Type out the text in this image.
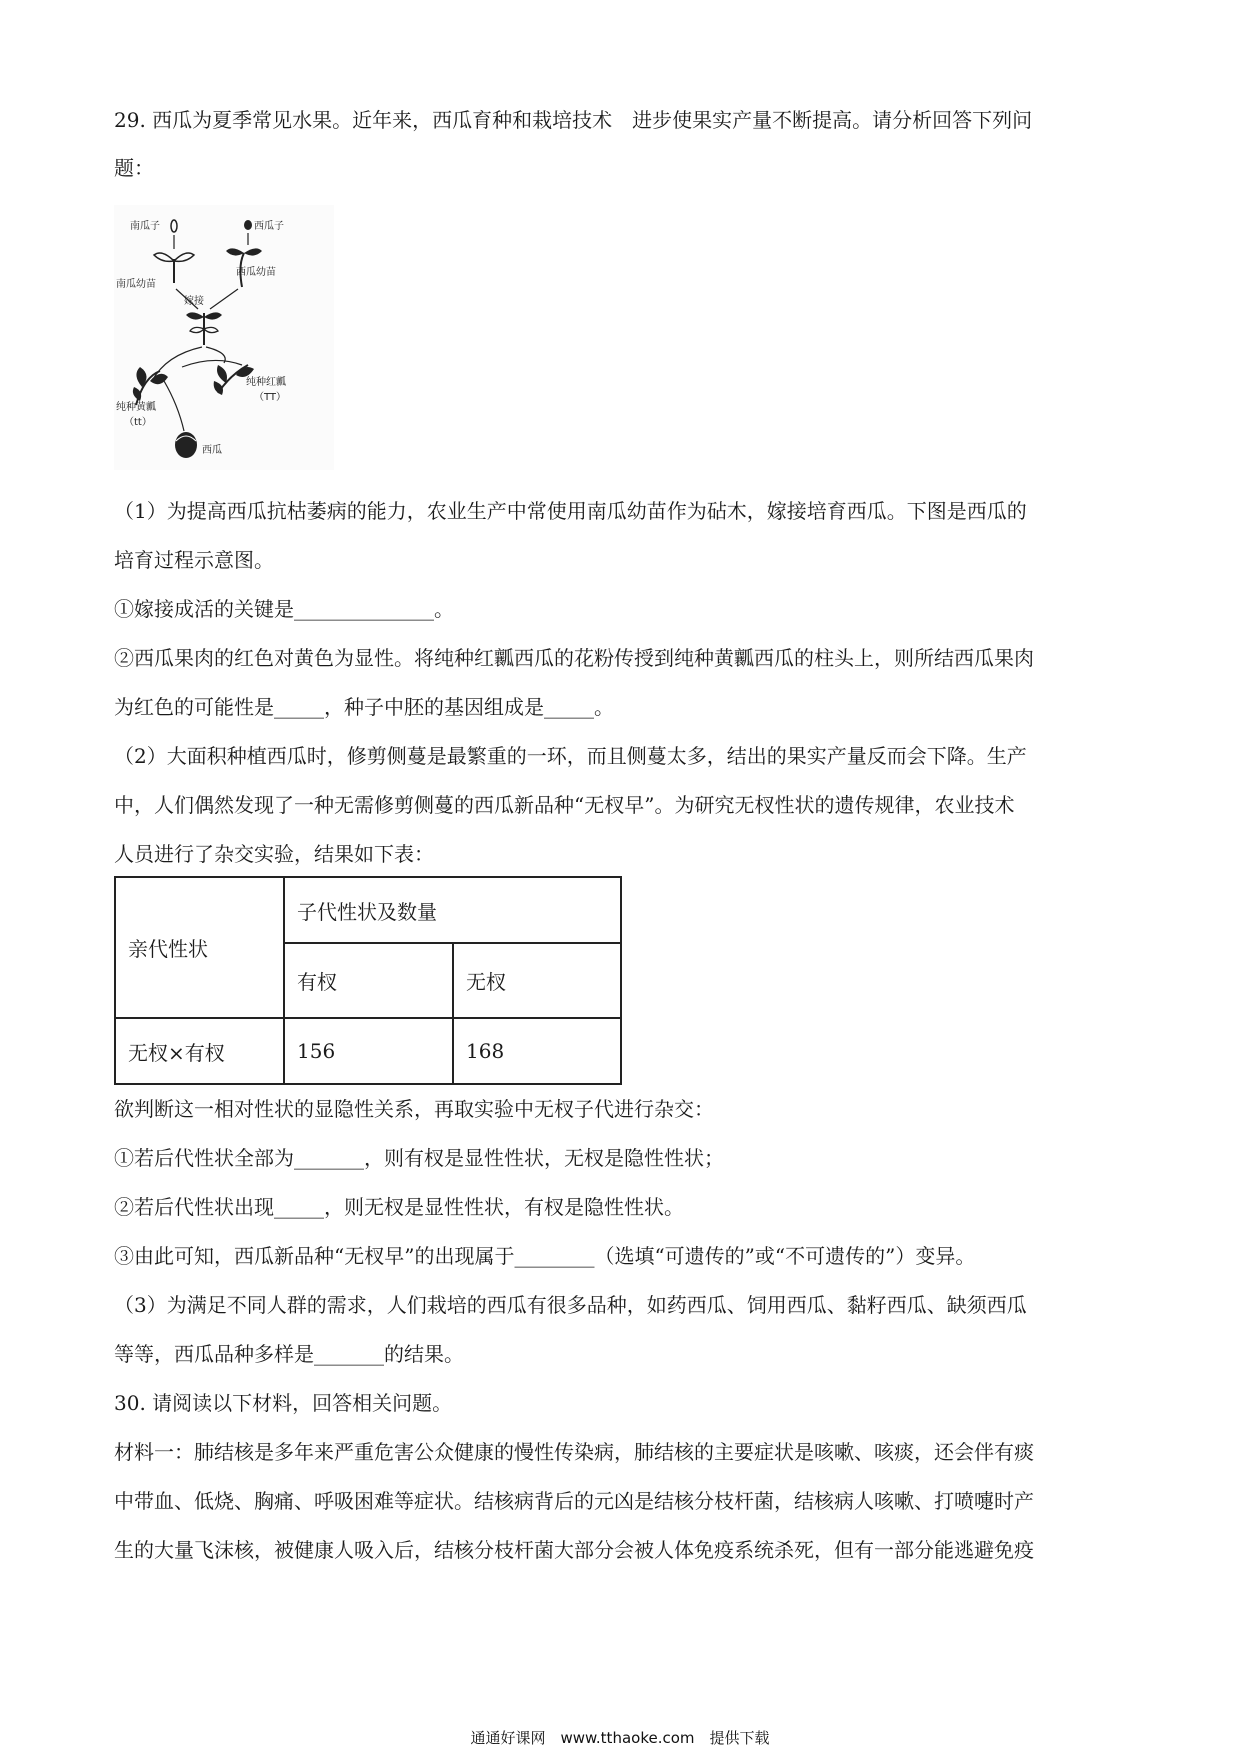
29. 西瓜为夏季常见水果。近年来，西瓜育种和栽培技术　进步使果实产量不断提高。请分析回答下列问
题：
南瓜子	西瓜子
南瓜幼苗
西瓜幼苗
嫁接
纯种黄瓤
（tt）
纯种红瓤
（TT）
西瓜
（1）为提高西瓜抗枯萎病的能力，农业生产中常使用南瓜幼苗作为砧木，嫁接培育西瓜。下图是西瓜的
培育过程示意图。
①嫁接成活的关键是______________。
②西瓜果肉的红色对黄色为显性。将纯种红瓤西瓜的花粉传授到纯种黄瓤西瓜的柱头上，则所结西瓜果肉
为红色的可能性是_____，种子中胚的基因组成是_____。
（2）大面积种植西瓜时，修剪侧蔓是最繁重的一环，而且侧蔓太多，结出的果实产量反而会下降。生产
中，人们偶然发现了一种无需修剪侧蔓的西瓜新品种“无杈早”。为研究无杈性状的遗传规律，农业技术
人员进行了杂交实验，结果如下表：
亲代性状	子代性状及数量	
	有杈	无杈
无杈×有杈	156	168
欲判断这一相对性状的显隐性关系，再取实验中无杈子代进行杂交：
①若后代性状全部为_______，则有杈是显性性状，无杈是隐性性状；
②若后代性状出现_____，则无杈是显性性状，有杈是隐性性状。
③由此可知，西瓜新品种“无杈早”的出现属于________（选填“可遗传的”或“不可遗传的”）变异。
（3）为满足不同人群的需求，人们栽培的西瓜有很多品种，如药西瓜、饲用西瓜、黏籽西瓜、缺须西瓜
等等，西瓜品种多样是_______的结果。
30. 请阅读以下材料，回答相关问题。
材料一：肺结核是多年来严重危害公众健康的慢性传染病，肺结核的主要症状是咳嗽、咳痰，还会伴有痰
中带血、低烧、胸痛、呼吸困难等症状。结核病背后的元凶是结核分枝杆菌，结核病人咳嗽、打喷嚏时产
生的大量飞沫核，被健康人吸入后，结核分枝杆菌大部分会被人体免疫系统杀死，但有一部分能逃避免疫
通通好课网　www.tthaoke.com　提供下载
